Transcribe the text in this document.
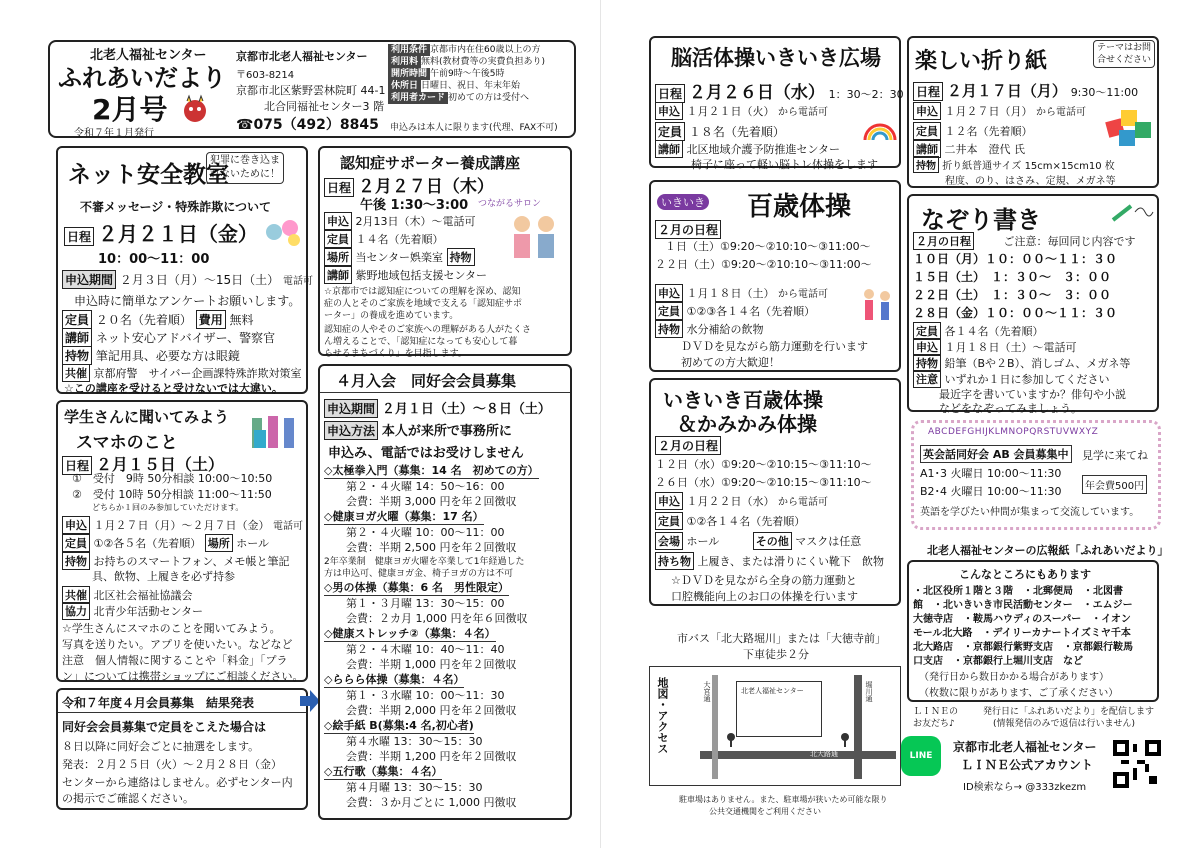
北老人福祉センター
ふれあいだより
2月号
令和７年１月発行
京都市北老人福祉センター
〒603-8214
京都市北区紫野雲林院町 44-1
北合同福祉センター3 階
☎075（492）8845
利用条件 京都市内在住60歳以上の方
利用料 無料(教材費等の実費負担あり)
開所時間 午前9時～午後5時
休所日 日曜日、祝日、年末年始
利用者カード 初めての方は受付へ
申込みは本人に限ります(代理、FAX不可)
ネット安全教室
犯罪に巻き込ま
れないために！
不審メッセージ・特殊詐欺について
日程 ２月２１日（金）
10：00～11：00
申込期間 ２月３日（月）～15日（土） 電話可
申込時に簡単なアンケートお願いします。
定員 ２０名（先着順） 費用 無料
講師 ネット安心アドバイザー、警察官
持物 筆記用具、必要な方は眼鏡
共催 京都府警　サイバー企画課特殊詐欺対策室
☆この講座を受けると受けないでは大違い。
学生さんに聞いてみよう
スマホのこと
日程 ２月１５日（土）
①　受付　9時 50分相談 10:00～10:50
②　受付 10時 50分相談 11:00～11:50
どちらか１回のみ参加していただけます。
申込 １月２７日（月）～２月７日（金） 電話可
定員 ①②各５名（先着順） 場所 ホール
持物 お持ちのスマートフォン、メモ帳と筆記
具、飲物、上履きを必ず持参
共催 北区社会福祉協議会
協力 北青少年活動センター
☆学生さんにスマホのことを聞いてみよう。
写真を送りたい。アプリを使いたい。などなど
注意　個人情報に関することや「料金」「プラ
ン」については携帯ショップにご相談ください。
令和７年度４月会員募集　結果発表
同好会会員募集で定員をこえた場合は
８日以降に同好会ごとに抽選をします。
発表：２月２５日（火）～２月２８日（金）
センターから連絡はしません。必ずセンター内
の掲示でご確認ください。
認知症サポーター養成講座
日程 ２月２７日（木）
午後 1:30～3:00 つながるサロン
申込 2月13日（木）～電話可
定員 １４名（先着順）
場所 当センター娯楽室 持物
講師 紫野地域包括支援センター
☆京都市では認知症についての理解を深め、認知
症の人とそのご家族を地域で支える「認知症サポ
ーター」の養成を進めています。
認知症の人やそのご家族への理解がある人がたくさ
ん増えることで、「認知症になっても安心して暮
らせるまちづくり」を目指します。
４月入会　同好会会員募集
申込期間 ２月１日（土）～８日（土）
申込方法 本人が来所で事務所に
申込み、電話ではお受けしません
◇太極拳入門（募集：14 名　初めての方）
第２・４火曜 14：50～16：00
会費：半期 3,000 円を年２回徴収
◇健康ヨガ火曜（募集：17 名）
第２・４火曜 10：00～11：00
会費：半期 2,500 円を年２回徴収
2年卒業制　健康ヨガ火曜を卒業して1年経過した
方は申込可、健康ヨガ金、椅子ヨガの方は不可
◇男の体操（募集：6 名　男性限定）
第１・３月曜 13：30～15：00
会費：２カ月 1,000 円を年６回徴収
◇健康ストレッチ②（募集：４名）
第２・４木曜 10：40～11：40
会費：半期 1,000 円を年２回徴収
◇ららら体操（募集：４名）
第１・３水曜 10：00～11：30
会費：半期 2,000 円を年２回徴収
◇絵手紙 B(募集:4 名,初心者)
第４水曜 13：30～15：30
会費：半期 1,200 円を年２回徴収
◇五行歌（募集：４名）
第４月曜 13：30～15：30
会費：３か月ごとに 1,000 円徴収
脳活体操いきいき広場
日程 ２月２６日（水） 1：30～2：30
申込 １月２１日（火） から電話可
定員 １８名（先着順）
講師 北区地域介護予防推進センター
椅子に座って軽い脳トレ体操をします
楽しい折り紙
テーマはお問
合せください
日程 ２月１７日（月） 9:30～11:00
申込 １月２７日（月） から電話可
定員 １２名（先着順）
講師 二井本　澄代 氏
持物 折り紙普通サイズ 15cm×15cm10 枚
程度、のり、はさみ、定規、メガネ等
いきいき 百歳体操
２月の日程
１日（土）①9:20～②10:10～③11:00～
２２日（土）①9:20～②10:10～③11:00～
申込 １月１８日（土） から電話可
定員 ①②③各１４名（先着順）
持物 水分補給の飲物
ＤＶＤを見ながら筋力運動を行います
初めての方大歓迎！
いきいき百歳体操
＆かみかみ体操
２月の日程
１２日（水）①9:20～②10:15～③11:10～
２６日（水）①9:20～②10:15～③11:10～
申込 １月２２日（水） から電話可
定員 ①②各１４名（先着順）
会場 ホール	その他 マスクは任意
持ち物 上履き、または滑りにくい靴下　飲物
☆ＤＶＤを見ながら全身の筋力運動と
口腔機能向上のお口の体操を行います
なぞり書き
２月の日程	ご注意：毎回同じ内容です
１０日（月）１０：００～１１：３０
１５日（土）　１：３０～　３：００
２２日（土）　１：３０～　３：００
２８日（金）１０：００～１１：３０
定員 各１４名（先着順）
申込 １月１８日（土）～電話可
持物 鉛筆（Bや２B）、消しゴム、メガネ等
注意 いずれか１日に参加してください
最近字を書いていますか？俳句や小説
などをなぞってみましょう。
ABCDEFGHIJKLMNOPQRSTUVWXYZ
英会話同好会 AB 会員募集中 見学に来てね
A1･3 火曜日 10:00～11:30
B2･4 火曜日 10:00～11:30	年会費500円
英語を学びたい仲間が集まって交流しています。
市バス「北大路堀川」または「大徳寺前」
下車徒歩２分
地図・アクセス	北大路通
大宮通	堀川通
北老人福祉センター
駐車場はありません。また、駐車場が狭いため可能な限り
公共交通機関をご利用ください
北老人福祉センターの広報紙「ふれあいだより」
こんなところにもあります
・北区役所１階と３階　・北郵便局　・北図書
館　・北いきいき市民活動センター　・エムジー
大徳寺店　・鞍馬ハウディのスーパー　・イオン
モール北大路　・デイリーカナートイズミヤ千本
北大路店　・京都銀行紫野支店　・京都銀行鞍馬
口支店　・京都銀行上堀川支店　など
（発行日から数日かかる場合があります）
（枚数に限りがあります、ご了承ください）
ＬＩＮＥの
お友だち♪
発行日に「ふれあいだより」を配信します
(情報発信のみで返信は行いません)
LINE
京都市北老人福祉センター
ＬＩＮＥ公式アカウント
ID検索なら→ @333zkezm
